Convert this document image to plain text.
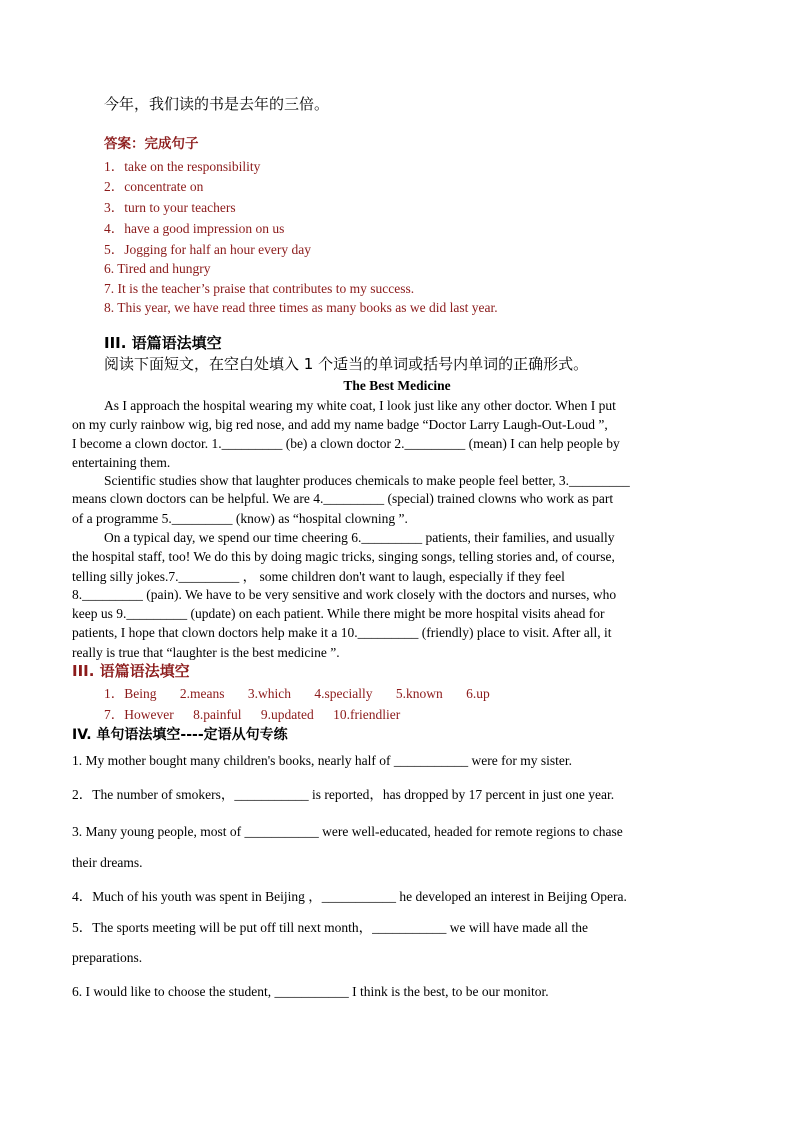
今年，我们读的书是去年的三倍。
答案：完成句子
1．take on the responsibility
2．concentrate on
3．turn to your teachers
4．have a good impression on us
5．Jogging for half an hour every day
6. Tired and hungry
7. It is the teacher’s praise that contributes to my success.
8. This year, we have read three times as many books as we did last year.
III. 语篇语法填空
阅读下面短文，在空白处填入 1 个适当的单词或括号内单词的正确形式。
The Best Medicine
As I approach the hospital wearing my white coat, I look just like any other doctor. When I put
on my curly rainbow wig, big red nose, and add my name badge “Doctor Larry Laugh-Out-Loud ”,
I become a clown doctor. 1._________ (be) a clown doctor 2._________ (mean) I can help people by
entertaining them.
Scientific studies show that laughter produces chemicals to make people feel better, 3._________
means clown doctors can be helpful. We are 4._________ (special) trained clowns who work as part
of a programme 5._________ (know) as “hospital clowning ”.
On a typical day, we spend our time cheering 6._________ patients, their families, and usually
the hospital staff, too! We do this by doing magic tricks, singing songs, telling stories and, of course,
telling silly jokes.7._________ ， some children don't want to laugh, especially if they feel
8._________ (pain). We have to be very sensitive and work closely with the doctors and nurses, who
keep us 9._________ (update) on each patient. While there might be more hospital visits ahead for
patients, I hope that clown doctors help make it a 10._________ (friendly) place to visit. After all, it
really is true that “laughter is the best medicine ”.
III. 语篇语法填空
1．Being 2.means 3.which 4.specially 5.known 6.up
7．However 8.painful 9.updated 10.friendlier
IV. 单句语法填空----定语从句专练
1. My mother bought many children's books, nearly half of ___________ were for my sister.
2．The number of smokers，___________ is reported，has dropped by 17 percent in just one year.
3. Many young people, most of ___________ were well-educated, headed for remote regions to chase
their dreams.
4．Much of his youth was spent in Beijing ，___________ he developed an interest in Beijing Opera.
5．The sports meeting will be put off till next month，___________ we will have made all the
preparations.
6. I would like to choose the student, ___________ I think is the best, to be our monitor.
